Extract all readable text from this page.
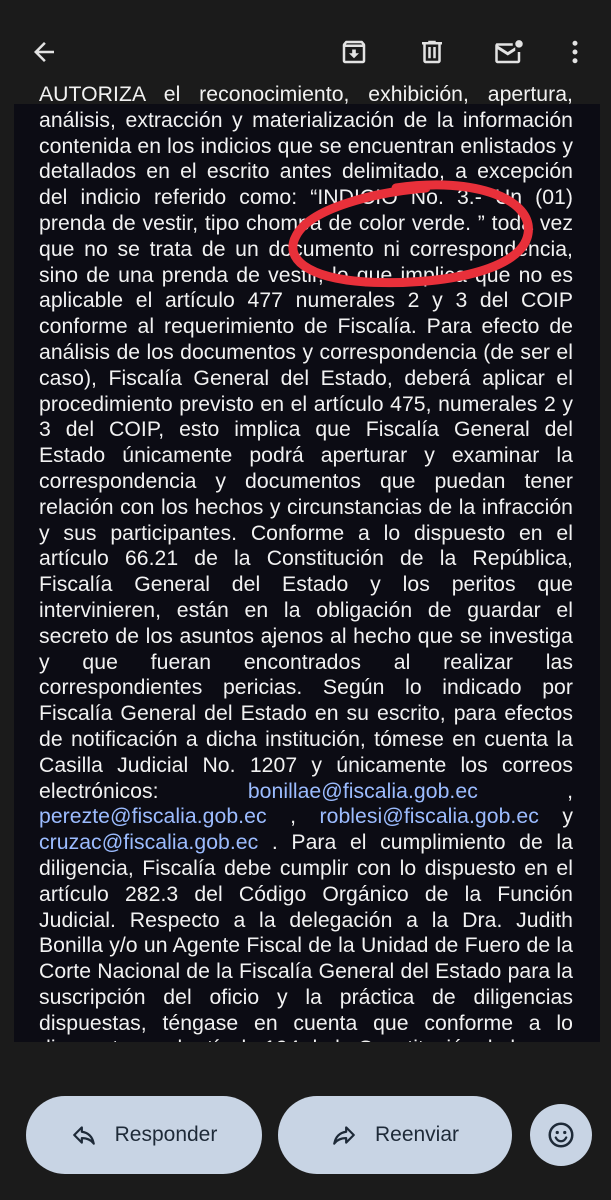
AUTORIZA el reconocimiento, exhibición, apertura, análisis, extracción y materialización de la información contenida en los indicios que se encuentran enlistados y detallados en el escrito antes delimitado, a excepción del indicio referido como: “INDICIO No. 3.- Un (01) prenda de vestir, tipo chompa de color verde. ” toda vez que no se trata de un documento ni correspondencia, sino de una prenda de vestir, lo que implica que no es aplicable el artículo 477 numerales 2 y 3 del COIP conforme al requerimiento de Fiscalía. Para efecto de análisis de los documentos y correspondencia (de ser el caso), Fiscalía General del Estado, deberá aplicar el procedimiento previsto en el artículo 475, numerales 2 y 3 del COIP, esto implica que Fiscalía General del Estado únicamente podrá aperturar y examinar la correspondencia y documentos que puedan tener relación con los hechos y circunstancias de la infracción y sus participantes. Conforme a lo dispuesto en el artículo 66.21 de la Constitución de la República, Fiscalía General del Estado y los peritos que intervinieren, están en la obligación de guardar el secreto de los asuntos ajenos al hecho que se investiga y que fueran encontrados al realizar las correspondientes pericias. Según lo indicado por Fiscalía General del Estado en su escrito, para efectos de notificación a dicha institución, tómese en cuenta la Casilla Judicial No. 1207 y únicamente los correos electrónicos: bonillae@fiscalia.gob.ec , perezte@fiscalia.gob.ec , roblesi@fiscalia.gob.ec y cruzac@fiscalia.gob.ec . Para el cumplimiento de la diligencia, Fiscalía debe cumplir con lo dispuesto en el artículo 282.3 del Código Orgánico de la Función Judicial. Respecto a la delegación a la Dra. Judith Bonilla y/o un Agente Fiscal de la Unidad de Fuero de la Corte Nacional de la Fiscalía General del Estado para la suscripción del oficio y la práctica de diligencias dispuestas, téngase en cuenta que conforme a lo

Responder	Reenviar
